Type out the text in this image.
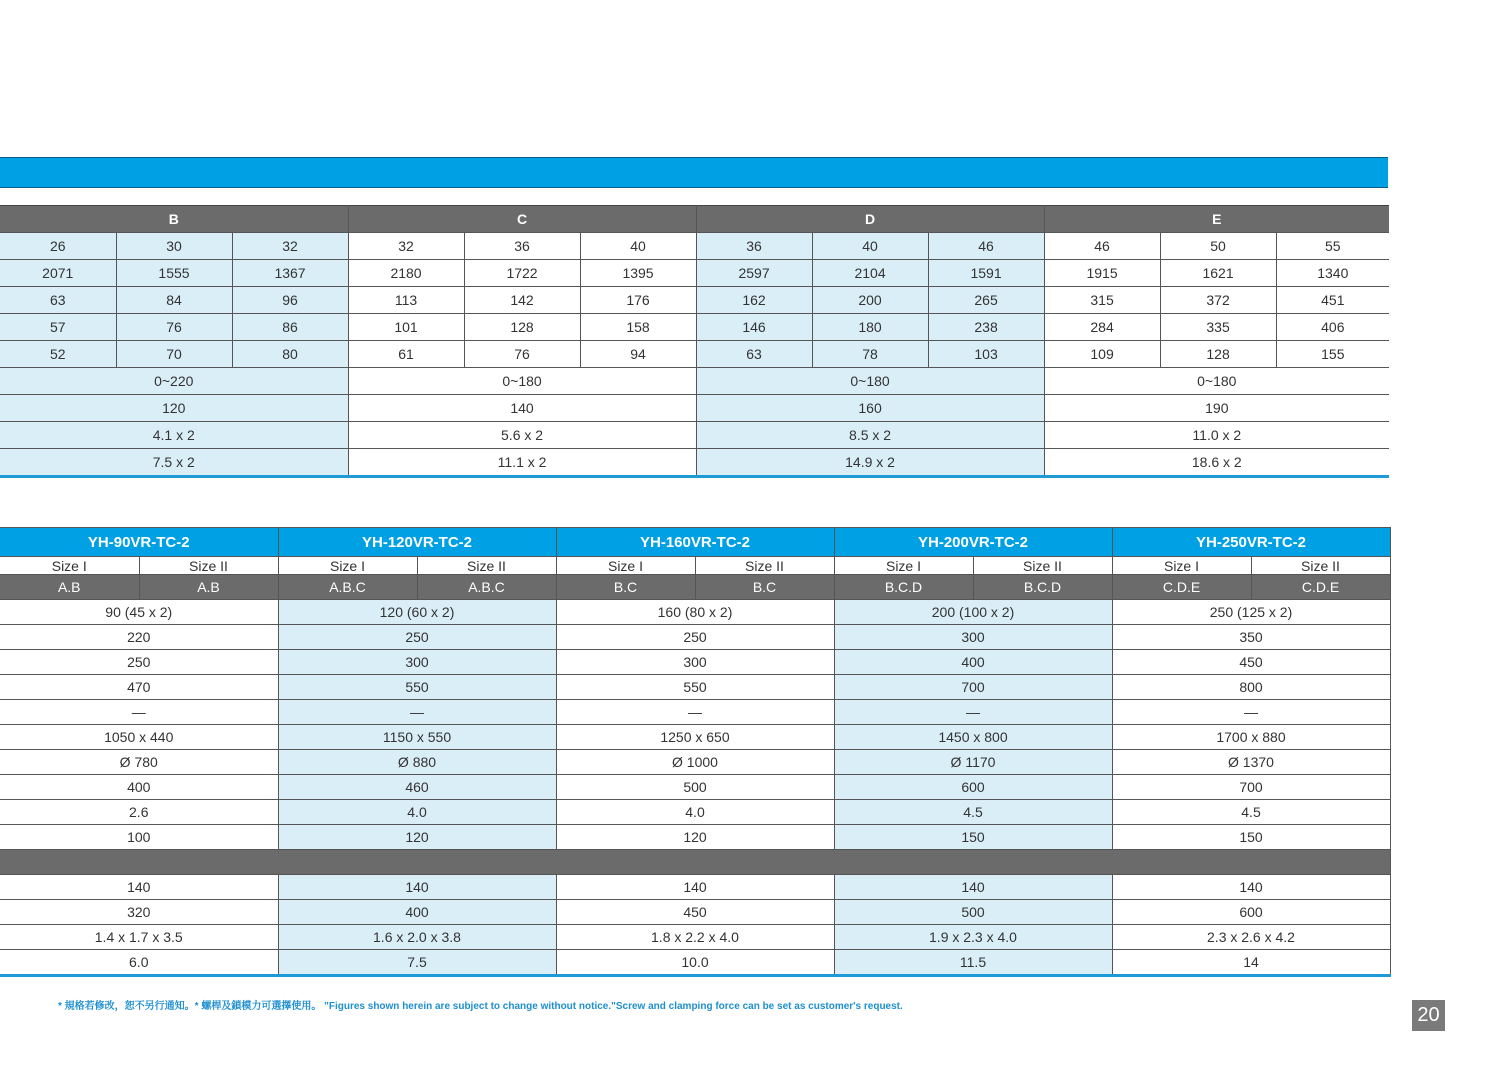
B			C			D			E		
26	30	32	32	36	40	36	40	46	46	50	55
2071	1555	1367	2180	1722	1395	2597	2104	1591	1915	1621	1340
63	84	96	113	142	176	162	200	265	315	372	451
57	76	86	101	128	158	146	180	238	284	335	406
52	70	80	61	76	94	63	78	103	109	128	155
0~220			0~180			0~180			0~180		
120			140			160			190		
4.1 x 2			5.6 x 2			8.5 x 2			11.0 x 2		
7.5 x 2			11.1 x 2			14.9 x 2			18.6 x 2		
YH-90VR-TC-2		YH-120VR-TC-2		YH-160VR-TC-2		YH-200VR-TC-2		YH-250VR-TC-2	
Size I	Size II	Size I	Size II	Size I	Size II	Size I	Size II	Size I	Size II
A.B	A.B	A.B.C	A.B.C	B.C	B.C	B.C.D	B.C.D	C.D.E	C.D.E
90 (45 x 2)		120 (60 x 2)		160 (80 x 2)		200 (100 x 2)		250 (125 x 2)	
220		250		250		300		350	
250		300		300		400		450	
470		550		550		700		800	
—		—		—		—		—	
1050 x 440		1150 x 550		1250 x 650		1450 x 800		1700 x 880	
Ø 780		Ø 880		Ø 1000		Ø 1170		Ø 1370	
400		460		500		600		700	
2.6		4.0		4.0		4.5		4.5	
100		120		120		150		150	

140		140		140		140		140	
320		400		450		500		600	
1.4 x 1.7 x 3.5		1.6 x 2.0 x 3.8		1.8 x 2.2 x 4.0		1.9 x 2.3 x 4.0		2.3 x 2.6 x 4.2	
6.0		7.5		10.0		11.5		14	
* 規格若修改，恕不另行通知。* 螺桿及鎖模力可選擇使用。 "Figures shown herein are subject to change without notice."Screw and clamping force can be set as customer's request.	20
